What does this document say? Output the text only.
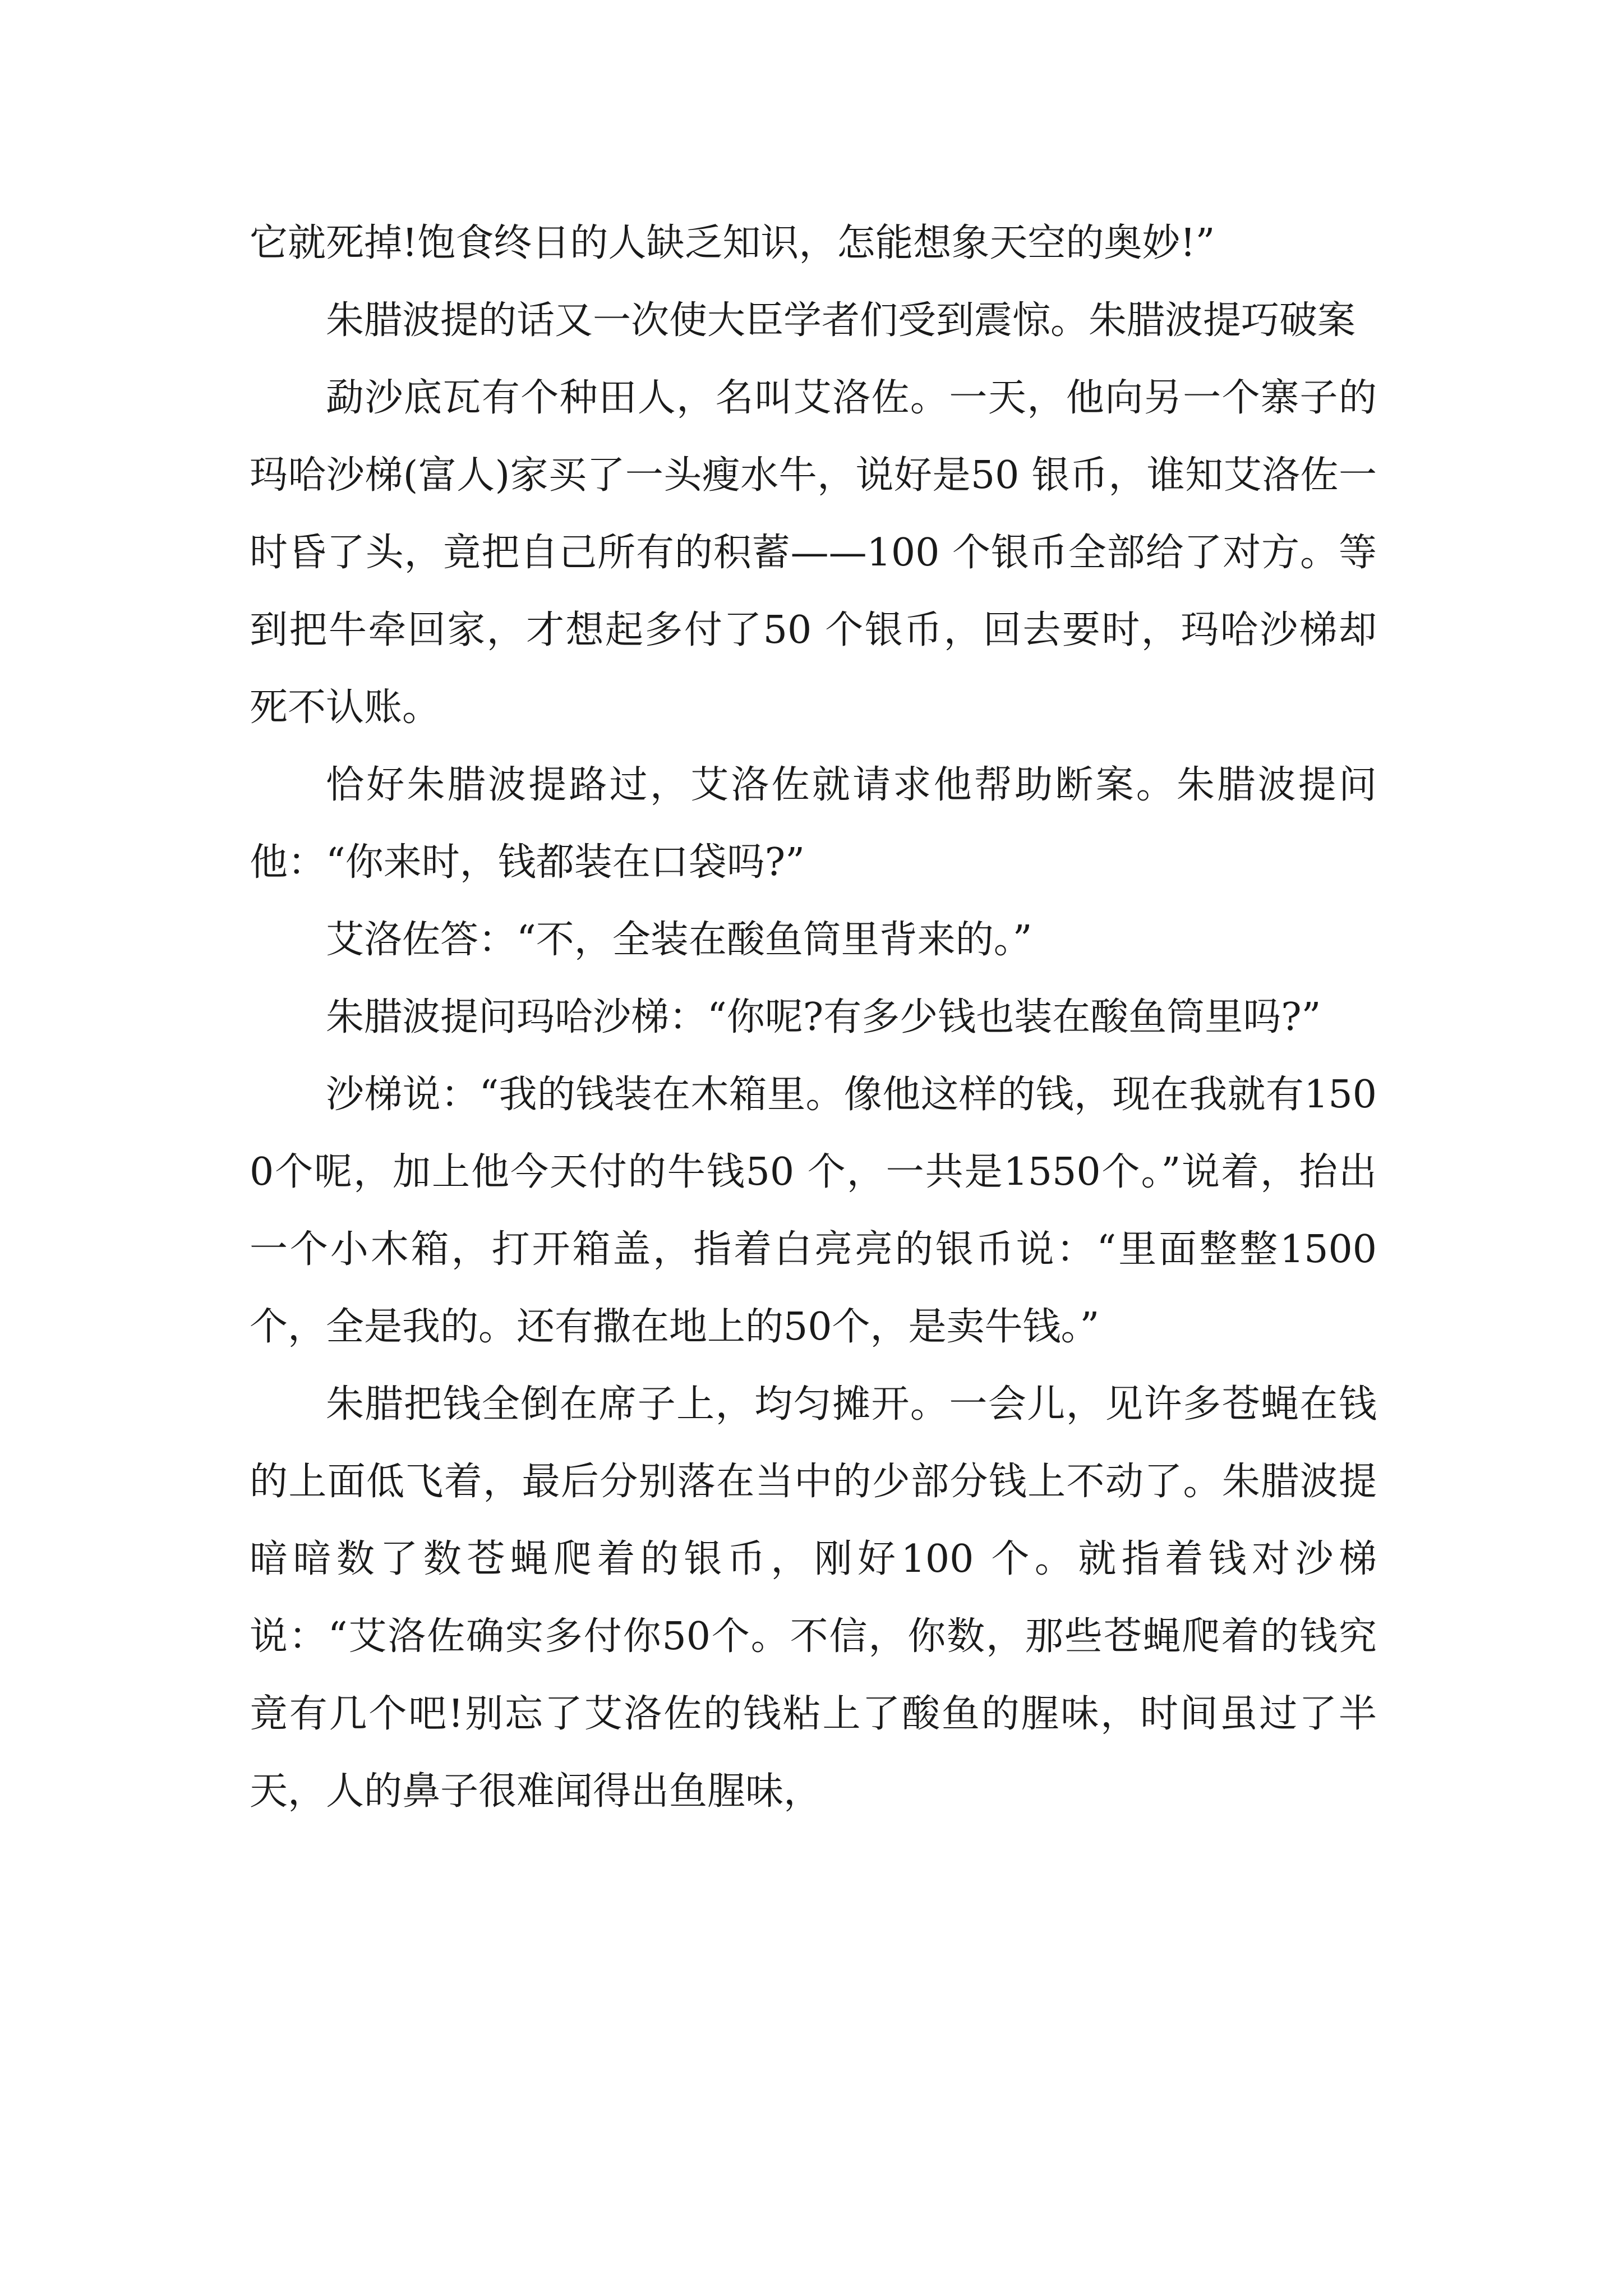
它就死掉!饱食终日的人缺乏知识，怎能想象天空的奥妙!”

朱腊波提的话又一次使大臣学者们受到震惊。朱腊波提巧破案

勐沙底瓦有个种田人，名叫艾洛佐。一天，他向另一个寨子的玛哈沙梯(富人)家买了一头瘦水牛，说好是50 银币，谁知艾洛佐一时昏了头，竟把自己所有的积蓄——100 个银币全部给了对方。等到把牛牵回家，才想起多付了50 个银币，回去要时，玛哈沙梯却死不认账。

恰好朱腊波提路过，艾洛佐就请求他帮助断案。朱腊波提问他：“你来时，钱都装在口袋吗?”

艾洛佐答：“不，全装在酸鱼筒里背来的。”

朱腊波提问玛哈沙梯：“你呢?有多少钱也装在酸鱼筒里吗?”

沙梯说：“我的钱装在木箱里。像他这样的钱，现在我就有1500个呢，加上他今天付的牛钱50 个，一共是1550个。”说着，抬出一个小木箱，打开箱盖，指着白亮亮的银币说：“里面整整1500个，全是我的。还有撒在地上的50个，是卖牛钱。”

朱腊把钱全倒在席子上，均匀摊开。一会儿，见许多苍蝇在钱的上面低飞着，最后分别落在当中的少部分钱上不动了。朱腊波提暗暗数了数苍蝇爬着的银币，刚好100 个。就指着钱对沙梯说：“艾洛佐确实多付你50个。不信，你数，那些苍蝇爬着的钱究竟有几个吧!别忘了艾洛佐的钱粘上了酸鱼的腥味，时间虽过了半天，人的鼻子很难闻得出鱼腥味，
